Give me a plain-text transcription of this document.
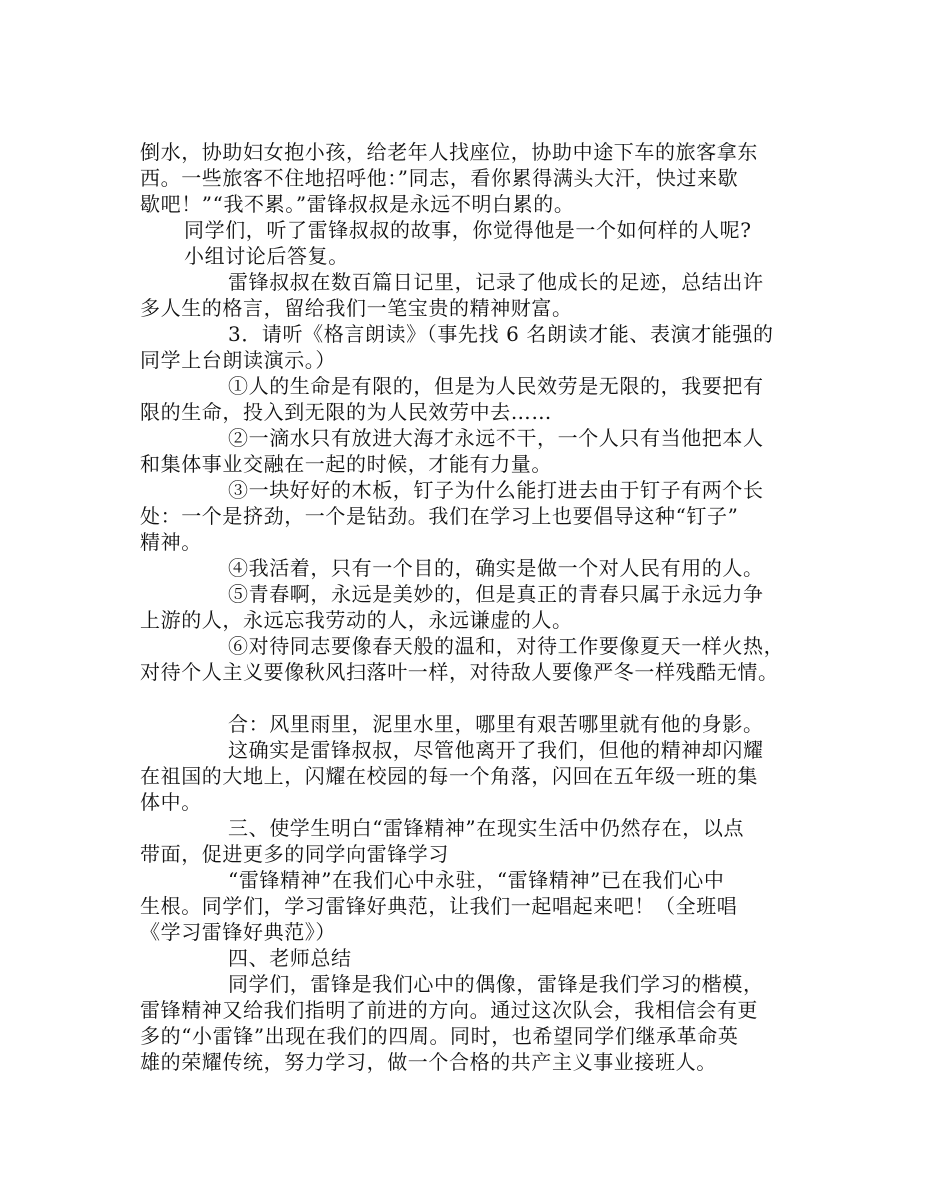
倒水，协助妇女抱小孩，给老年人找座位，协助中途下车的旅客拿东

西。一些旅客不住地招呼他：”同志，看你累得满头大汗，快过来歇

歇吧！”“我不累。”雷锋叔叔是永远不明白累的。

同学们，听了雷锋叔叔的故事，你觉得他是一个如何样的人呢?

小组讨论后答复。

雷锋叔叔在数百篇日记里，记录了他成长的足迹，总结出许

多人生的格言，留给我们一笔宝贵的精神财富。

3．请听《格言朗读》（事先找 6 名朗读才能、表演才能强的

同学上台朗读演示。）

①人的生命是有限的，但是为人民效劳是无限的，我要把有

限的生命，投入到无限的为人民效劳中去……

②一滴水只有放进大海才永远不干，一个人只有当他把本人

和集体事业交融在一起的时候，才能有力量。

③一块好好的木板，钉子为什么能打进去由于钉子有两个长

处：一个是挤劲，一个是钻劲。我们在学习上也要倡导这种“钉子”

精神。

④我活着，只有一个目的，确实是做一个对人民有用的人。

⑤青春啊，永远是美妙的，但是真正的青春只属于永远力争

上游的人，永远忘我劳动的人，永远谦虚的人。

⑥对待同志要像春天般的温和，对待工作要像夏天一样火热，

对待个人主义要像秋风扫落叶一样，对待敌人要像严冬一样残酷无情。

合：风里雨里，泥里水里，哪里有艰苦哪里就有他的身影。

这确实是雷锋叔叔，尽管他离开了我们，但他的精神却闪耀

在祖国的大地上，闪耀在校园的每一个角落，闪回在五年级一班的集

体中。

三、使学生明白“雷锋精神”在现实生活中仍然存在，以点

带面，促进更多的同学向雷锋学习

“雷锋精神”在我们心中永驻，“雷锋精神”已在我们心中

生根。同学们，学习雷锋好典范，让我们一起唱起来吧！（全班唱

《学习雷锋好典范》）

四、老师总结

同学们，雷锋是我们心中的偶像，雷锋是我们学习的楷模，

雷锋精神又给我们指明了前进的方向。通过这次队会，我相信会有更

多的“小雷锋”出现在我们的四周。同时，也希望同学们继承革命英

雄的荣耀传统，努力学习，做一个合格的共产主义事业接班人。
